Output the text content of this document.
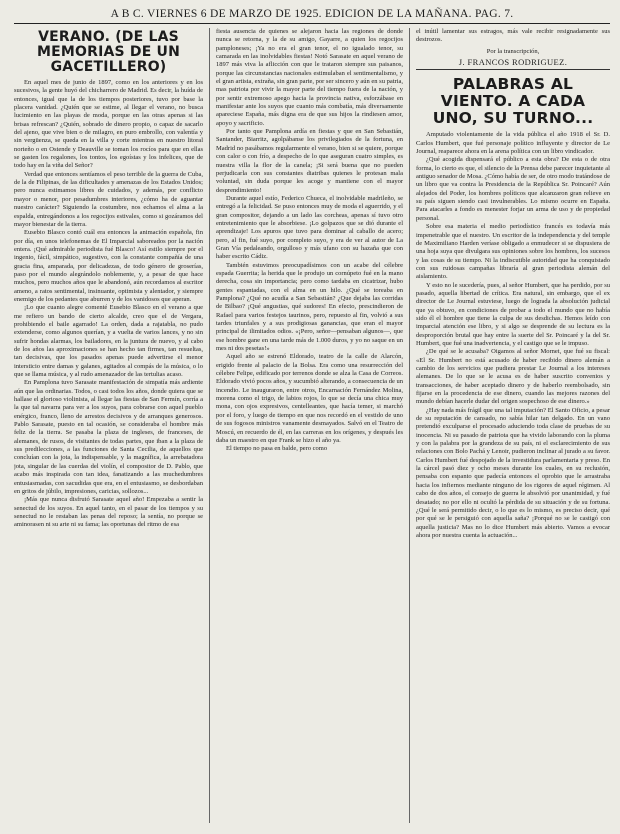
A B C. VIERNES 6 DE MARZO DE 1925. EDICION DE LA MAÑANA. PAG. 7.
VERANO. (DE LAS MEMORIAS DE UN GACETILLERO)

En aquel mes de junio de 1897, como en los anteriores y en los sucesivos, la gente huyó del chicharrero de Madrid. Es decir, la huída de entonces, igual que la de los tiempos posteriores, tuvo por base la placera vanidad. ¿Quién que se estime, al llegar el verano, no busca lucimiento en las playas de moda, porque en las otras apenas si las brisas refrescan? ¿Quién, sobrado de dinero propio, o capaz de sacarlo del ajeno, que vive bien o de milagro, en puro embrollo, con valentía y sin vergüenza, se queda en la villa y corte mientras en nuestro litoral norteño o en Ostende y Deauville se toman los rocíos para que en ellas se gasten los regalones, los tontos, los egoístas y los infelices, que de todo hay en la viña del Señor?

Verdad que entonces sentíamos el peso terrible de la guerra de Cuba, de la de Filipinas, de las dificultades y amenazas de los Estados Unidos; pero nunca estimamos libres de cuidados, y además, por conflicto mayor o menor, por pesadumbres interiores, ¿cómo ha de aguantar nuestro carácter? Siguiendo la costumbre, nos echamos el alma a la espalda, entregándonos a los regocijos estivales, como si gozáramos del mayor bienestar de la tierra.

Eusebio Blasco contó cuál era entonces la animación española, fin por día, en unos telefonemas de El Imparcial saboreados por la nación entera. ¡Qué admirable periodista fué Blasco! Así estilo siempre por el ingenio, fácil, simpático, sugestivo, con la constante compañía de una gracia fina, amparada, por delicadezas, de todo género de groserías, paso por el mundo alegrándolo noblemente, y, a pesar de que hace muchos, pero muchos años que le abandonó, aún recordamos al escritor ameno, a ratos sentimental, insinuante, optimista y alentador, y siempre enemigo de los pedantes que aburren y de los vanidosos que aperan.

¡Lo que cuanto alegre comenté Eusebio Blasco en el verano a que me refiero un bando de cierto alcalde, creo que el de Vergara, prohibiendo el baile agarrado! La orden, dada a rajatabla, no pudo extenderse, como algunos querían, y a vuelta de varios lances, y no sin sufrir hondas alarmas, los bailadores, en la juntura de nuevo, y al cabo de los años las aproximaciones se han hecho tan firmes, tan resueltas, tan decisivas, que los pasados apenas puede advertirse el menor intersticio entre damas y galanes, agitados al compás de la música, o lo que se llama música, y al rudo amenazador de las tertulias acaso.

En Pamplona tuvo Sarasate manifestación de simpatía más ardiente aún que las ordinarias. Todos, o casi todos los años, donde quiera que se hallase el glorioso violinista, al llegar las fiestas de San Fermín, corría a la que tal navarra para ver a los suyos, para cobrarse con aquel pueblo enérgico, franco, lleno de arrestos decisivos y de arranques generosos. Pablo Sarasate, puesto en tal ocasión, se consideraba el hombre más feliz de la tierra. Se pasaba la plaza de ingleses, de franceses, de alemanes, de rusos, de visitantes de todas partes, que iban a la plaza de sus predilecciones, a las funciones de Santa Cecilia, de aquellos que concluían con la jota, la indispensable, y la magnífica, la arrebatadora jota, singular de las cuerdas del violín, el compositor de D. Pablo, que acabo más inspirada con tan idea, fanatizando a las muchedumbres entusiasmadas, con sacudidas que era, en el entusiasmo, se desbordaban en gritos de júbilo, impresiones, caricias, sollozos...

¡Más que nunca disfrutó Sarasate aquel año! Empezaba a sentir la senectud de los suyos. En aquel tanto, en el pasar de los tiempos y su senectud no le restaban las penas del reposo; la sentía, no porque se aminorasen ni su arte ni su fama; las oportunas del ritmo de esa

fiesta ausencia de quienes se alejaron hacia las regiones de donde nunca se retorna, y la de su amigo, Gayarre, a quien los regocijos pamploneses; ¡Ya no era el gran tenor, el no igualado tenor, su camarada en las inolvidables fiestas! Notó Sarasate en aquel verano de 1897 más viva la aflicción con que le trataron siempre sus paisanos, porque las circunstancias nacionales estimulaban el sentimentalismo, y el gran artista, extraña, sin gran parte, por ser sincero y aún en su patria, mas patriota por vivir la mayor parte del tiempo fuera de la nación, y por sentir extremoso apego hacia la provincia nativa, esforzábase en manifestar ante los suyos que cuanto más combatía, más diversamente apareciese España, más digna era de que sus hijos la rindiesen amor, apoyo y sacrificio.

Por tanto que Pamplona ardía en fiestas y que en San Sebastián, Santander, Biarritz, agolpábanse los privilegiados de la fortuna, en Madrid no pasábamos regularmente el verano, bien si se quiere, porque con calor o con frío, a despecho de lo que aseguran cuatro simples, es nuestra villa la flor de la canela; ¡Si será buena que no pueden perjudicarla con sus constantes diatribas quienes le protesan mala voluntad, sin duda porque les acoge y mantiene con el mayor desprendimiento!

Durante aquel estío, Federico Chueca, el inolvidable madrileño, se entregó a la felicidad. Se puso entonces muy de moda el aguerrido, y el gran compositor, dejando a un lado las corcheas, apenas sí tuvo otro entretenimiento que le absorbiese. ¡Lo golpazos que se dió durante el aprendizaje! Los apuros que tuvo para dominar al caballo de acero; pero, al fin, fué suyo, por completo suyo, y era de ver al autor de La Gran Vía pedaleando, orgulloso y más ufano con su hazaña que con haber escrito Cádiz.

También estuvimos preocupadísimos con un acabe del célebre espada Guerrita; la herida que le produjo un cornúpeto fué en la mano derecha, cosa sin importancia; pero como tardaba en cicatrizar, hubo gentes espantadas, con el alma en un hilo. ¿Qué se toreaba en Pamplona? ¿Qué no acudía a San Sebastián? ¿Que dejaba las corridas de Bilbao? ¡Qué angustias, qué sudores! En efecto, prescindieron de Rafael para varios festejos taurinos, pero, repuesto al fin, volvió a sus tardes triunfales y a sus prodigiosas ganancias, que eran el mayor principal de ilimitados odios. «¡Pero, señor—pensaban algunos—, que ese hombre gane en una tarde más de 1.000 duros, y yo no saque en un mes ni dos pesetas!»

Aquel año se estrenó Eldorado, teatro de la calle de Alarcón, erigido frente al palacio de la Bolsa. Era como una resurrección del célebre Felipe, edificado por terrenos donde se alza la Casa de Correos. Eldorado vivió pocos años, y sucumbió alterando, a consecuencia de un incendio. Le inauguraron, entre otros, Encarnación Fernández Molina, morena como el trigo, de labios rojos, lo que se decía una chica muy mona, con ojos expresivos, centelleantes, que hacía temer, si marchó por el foro, y luego de tiempo en que nos recordó en el vestido de uno de sus fogosos ministros vanamente desmayados. Salvó en el Teatro de Moscú, en recuerdo de él, en las carreras en los orígenes, y después les daba un maestro en que Frank se hizo el año ya.

El tiempo no pasa en balde, pero como

el inútil lamentar sus estragos, más vale recibir resignadamente sus destrozos.

Por la transcripción,
J. FRANCOS RODRIGUEZ.
PALABRAS AL VIENTO. A CADA UNO, SU TURNO...

Amputado violentamente de la vida pública el año 1918 el Sr. D. Carlos Humbert, que fué personaje político influyente y director de Le Journal, reaparece ahora en la arena política con un libro vindicador.

¿Qué acogida dispensará el público a esta obra? De esta o de otra forma, lo cierto es que, el silencio de la Prensa debe parecer inquietante al antiguo senador de Mosa. ¿Cómo había de ser, de otro modo tratándose de un libro que va contra la Presidencia de la República Sr. Poincaré? Aún alejados del Poder, los hombres políticos que alcanzaron gran relieve en su país siguen siendo casi invulnerables. Lo mismo ocurre en España. Para atacarles a fondo es menester forjar un arma de uso y de propiedad personal.

Sobre esa materia el medio periodístico francés es todavía más impenetrable que el nuestro. Un escritor de la independencia y del temple de Maximiliano Harden veríase obligado a enmudecer si se dispusiera de una hoja suya que divulgara sus opiniones sobre los hombres, los sucesos y las cosas de su tiempo. Ni la indiscutible autoridad que ha conquistado con sus ruidosas campañas libraría al gran periodista alemán del aislamiento.

Y esto no le sucedería, pues, al señor Humbert, que ha perdido, por su pasado, aquella libertad de crítica. Era natural, sin embargo, que el ex director de Le Journal estuviese, luego de lograda la absolución judicial que ya obtuvo, en condiciones de probar a todo el mundo que no había sido él el hombre que tiene la culpa de sus desdichas. Hemos leído con imparcial atención ese libro, y si algo se desprende de su lectura es la desproporción brutal que hay entre la suerte del Sr. Poincaré y la del Sr. Humbert, que fué una inadvertencia, y el castigo que se le impuso.

¿De qué se le acusaba? Oigamos al señor Mornet, que fué su fiscal: «El Sr. Humbert no está acusado de haber recibido dinero alemán a cambio de los servicios que pudiera prestar Le Journal a los intereses alemanes. De lo que se le acusa es de haber suscrito convenios y transacciones, de haber aceptado dinero y de haberlo reembolsado, sin fijarse en la procedencia de ese dinero, cuando las mejores razones del mundo debían hacerle dudar del origen sospechoso de ese dinero.»

¿Hay nada más frágil que una tal imputación? El Santo Oficio, a pesar de su reputación de cansado, no sabía hilar tan delgado. En un vano pretendió exculparse el procesado aduciendo toda clase de pruebas de su inocencia. Ni su pasado de patriota que ha vivido laborando con la pluma y con la palabra por la grandeza de su país, ni el esclarecimiento de sus relaciones con Bolo Pachá y Lenoir, pudieron inclinar al jurado a su favor. Carlos Humbert fué despojado de la investidura parlamentaria y preso. En la cárcel pasó diez y ocho meses durante los cuales, en su reclusión, pensaba con espanto que padecía entonces el oprobio que le arrastraba hacia los infiernos mediante ninguno de los rigores de aquel régimen. Al cabo de dos años, el consejo de guerra le absolvió por unanimidad, y fué desatado; no por ello ni ocultó la pérdida de su situación y de su fortuna. ¿Qué le será permitido decir, o lo que es lo mismo, es preciso decir, qué por qué se le persiguió con aquella saña? ¡Porqué no se le castigó con aquella justicia? Mas no lo dice Humbert más abierto. Vamos a evocar ahora por nuestra cuenta la actuación...
